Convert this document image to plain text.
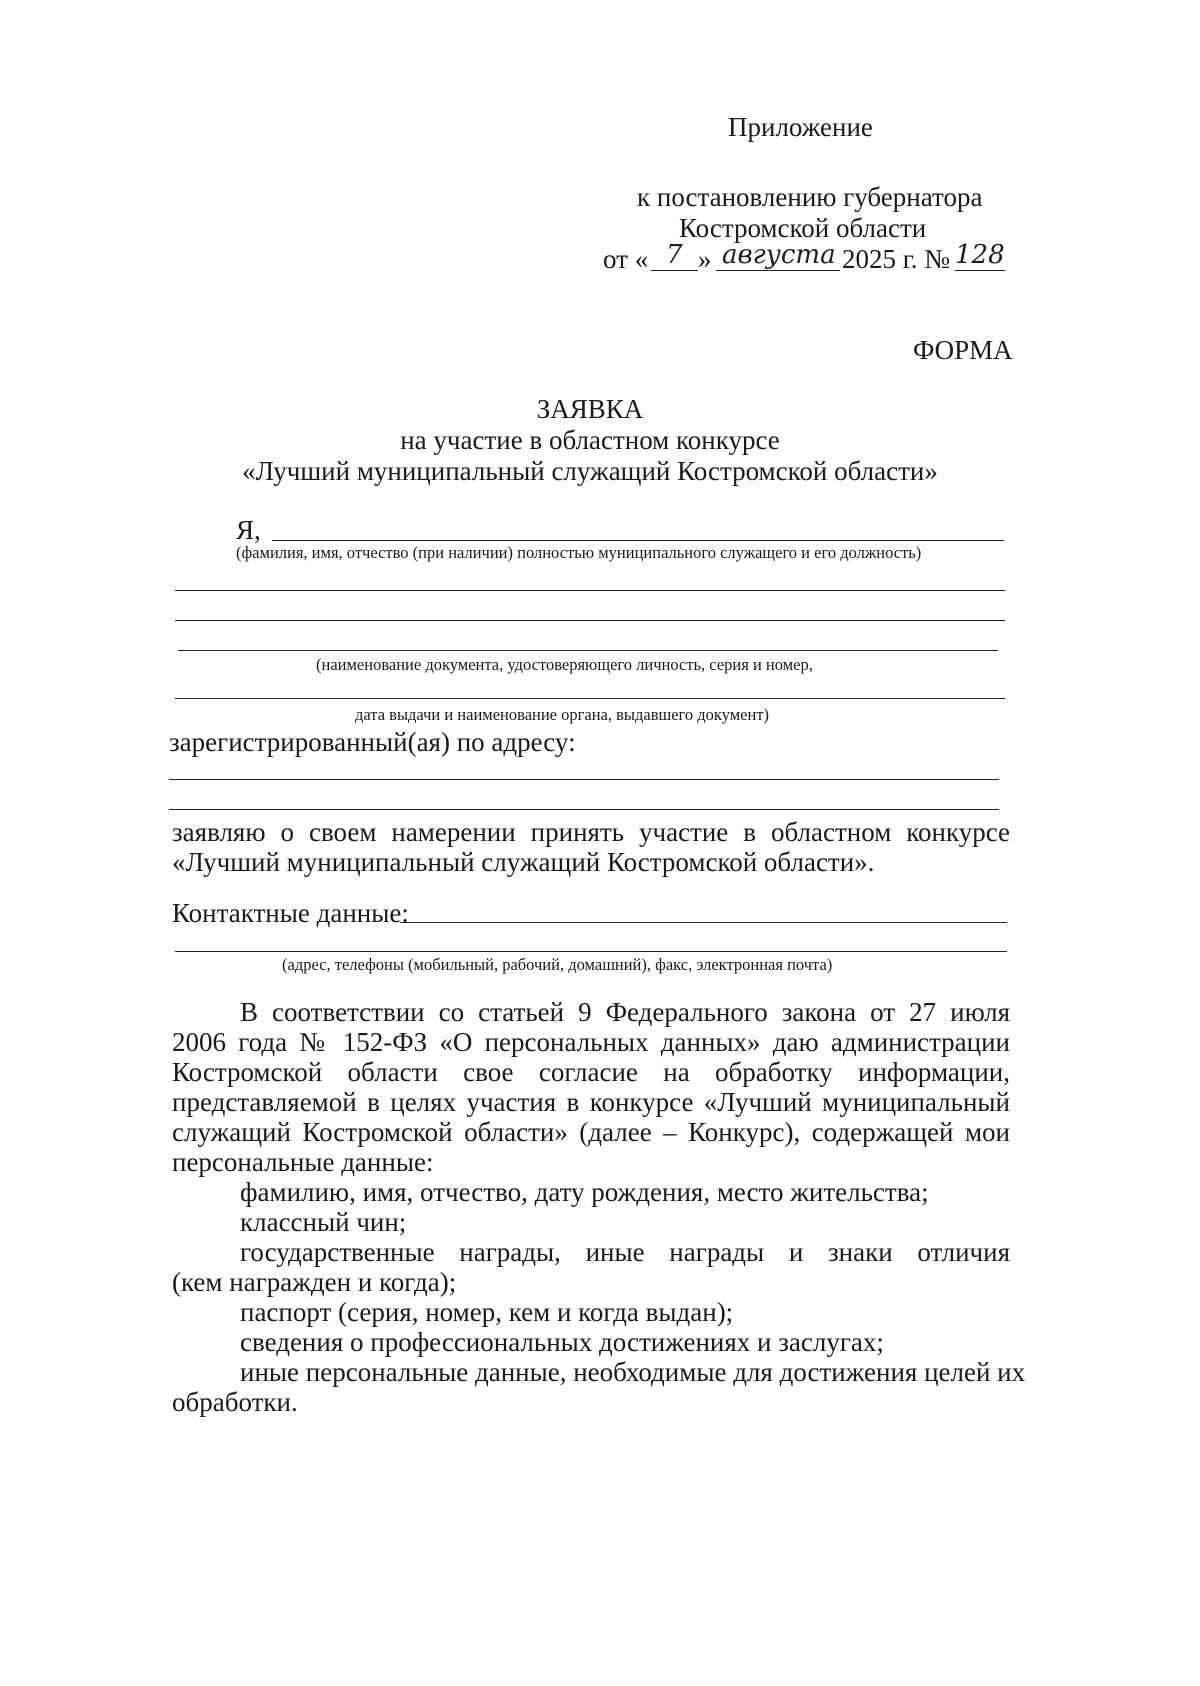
Приложение
к постановлению губернатора
Костромской области
от « 7 » августа 2025 г. № 128
ФОРМА
ЗАЯВКА
на участие в областном конкурсе
«Лучший муниципальный служащий Костромской области»
Я,
(фамилия, имя, отчество (при наличии) полностью муниципального служащего и его должность)
(наименование документа, удостоверяющего личность, серия и номер,
дата выдачи и наименование органа, выдавшего документ)
зарегистрированный(ая) по адресу:
заявляю о своем намерении принять участие в областном конкурсе
«Лучший муниципальный служащий Костромской области».
Контактные данные:
(адрес, телефоны (мобильный, рабочий, домашний), факс, электронная почта)
В соответствии со статьей 9 Федерального закона от 27 июля
2006 года № 152-ФЗ «О персональных данных» даю администрации
Костромской области свое согласие на обработку информации,
представляемой в целях участия в конкурсе «Лучший муниципальный
служащий Костромской области» (далее – Конкурс), содержащей мои
персональные данные:
фамилию, имя, отчество, дату рождения, место жительства;
классный чин;
государственные награды, иные награды и знаки отличия
(кем награжден и когда);
паспорт (серия, номер, кем и когда выдан);
сведения о профессиональных достижениях и заслугах;
иные персональные данные, необходимые для достижения целей их
обработки.
